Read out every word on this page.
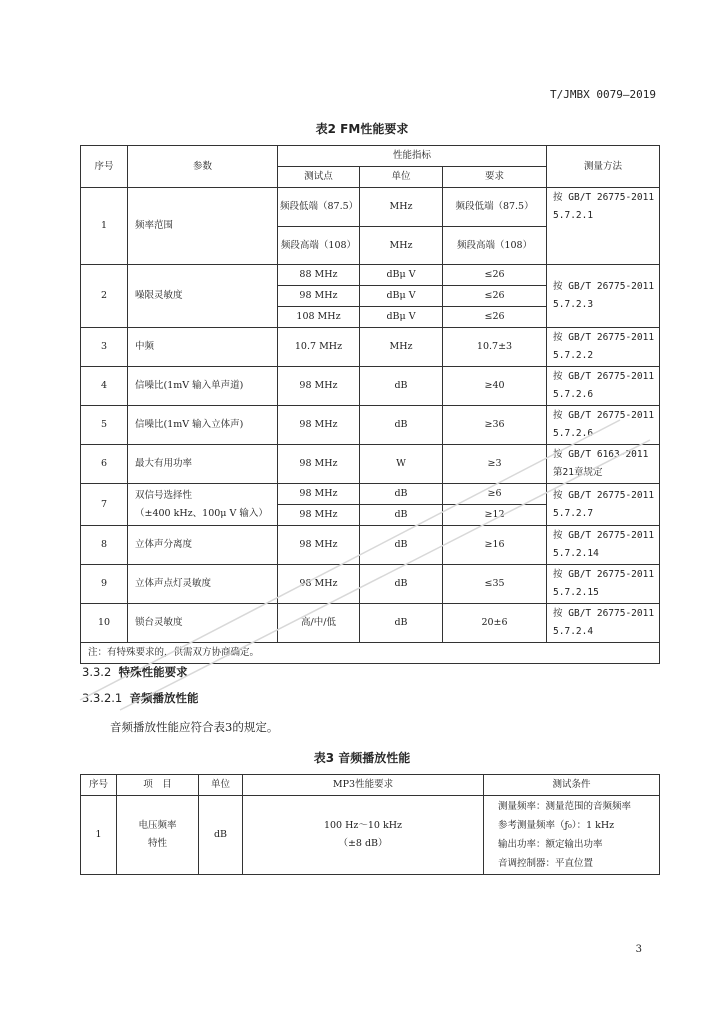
T/JMBX 0079—2019
表2 FM性能要求
序号	参数	性能指标			测量方法
		测试点	单位	要求	
1	频率范围	频段低端（87.5）	MHz	频段低端（87.5）	按 GB/T 26775-2011
5.7.2.1
		频段高端（108）	MHz	频段高端（108）	
2	噪限灵敏度	88 MHz	dBμ V	≤26	按 GB/T 26775-2011
5.7.2.3
		98 MHz	dBμ V	≤26	
		108 MHz	dBμ V	≤26	
3	中频	10.7 MHz	MHz	10.7±3	按 GB/T 26775-2011
5.7.2.2
4	信噪比(1mV 输入单声道)	98 MHz	dB	≥40	按 GB/T 26775-2011
5.7.2.6
5	信噪比(1mV 输入立体声)	98 MHz	dB	≥36	按 GB/T 26775-2011
5.7.2.6
6	最大有用功率	98 MHz	W	≥3	按 GB/T 6163-2011
第21章规定
7	双信号选择性
（±400 kHz、100μ V 输入）	98 MHz	dB	≥6	按 GB/T 26775-2011
5.7.2.7
		98 MHz	dB	≥12	
8	立体声分离度	98 MHz	dB	≥16	按 GB/T 26775-2011
5.7.2.14
9	立体声点灯灵敏度	98 MHz	dB	≤35	按 GB/T 26775-2011
5.7.2.15
10	锁台灵敏度	高/中/低	dB	20±6	按 GB/T 26775-2011
5.7.2.4
注：有特殊要求的，供需双方协商确定。					
3.3.2 特殊性能要求
3.3.2.1 音频播放性能
音频播放性能应符合表3的规定。
表3 音频播放性能
序号	项　目	单位	MP3性能要求	测试条件
1	电压频率
特性	dB	100 Hz～10 kHz
（±8 dB）	测量频率：测量范围的音频频率
参考测量频率（ƒ₀）：1 kHz
输出功率：额定输出功率
音调控制器：平直位置
3
